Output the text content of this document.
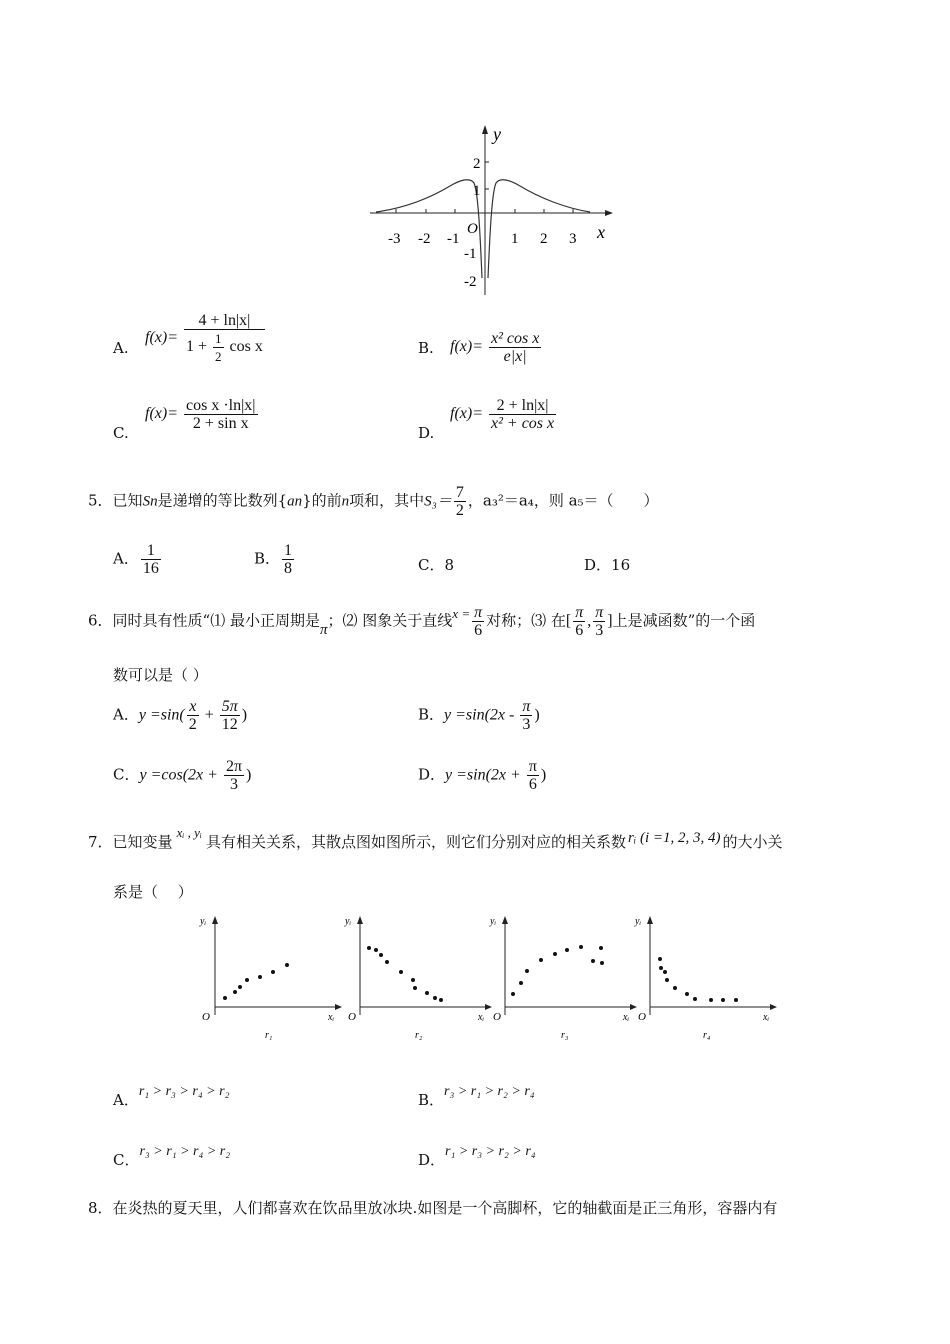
y
x
O
-3 -2 -1	1 2 3
2
1
-1
-2
A.
$f(x)= \frac{4 + \ln|x|}{1 + \frac{1}{2} \cos x}$	B. $f(x)= \frac{\text{x² cos x}}{e|x|}$
C.
$f(x)= \frac{\text{cos x ·ln|x|}}{\text{2 + sin x}}$
D.
$f(x)= \frac{2 + \ln|x|}{\text{x² + cos x}}$
5．已知Sn是递增的等比数列{an}的前n项和，其中$S_3= \frac{7}{2}$ ，a₃²＝a₄，则 a₅＝（　　）
A． $\frac{1}{16}$	B． $\frac{1}{8}$	C．8	D．16
6．同时具有性质“⑴ 最小正周期是π；⑵ 图象关于直线$x = \frac{\pi}{6}$ 对称；⑶ 在[ $\frac{\pi}{6}$ , $\frac{\pi}{3}$ ]上是减函数”的一个函
数可以是（ ）
A．$y =\sin( \frac{x}{2} + \frac{5\pi}{12}$ )	B．$y =\sin(2x - \frac{\pi}{3}$ )
C．$y =\cos(2x + \frac{2\pi}{3}$ )	D．$y =\sin(2x + \frac{\pi}{6}$ )
7．已知变量xᵢ , yᵢ具有相关关系，其散点图如图所示，则它们分别对应的相关系数 rᵢ (i =1, 2, 3, 4) 的大小关
系是（　 ）
yᵢ
xᵢ
O
r₁
yᵢ
xᵢ
O
r₂
yᵢ
xᵢ
O
r₃
yᵢ
xᵢ
O
r₄
A．r₁ > r₃ > r₄ > r₂	B．r₃ > r₁ > r₂ > r₄
C．r₃ > r₁ > r₄ > r₂	D．r₁ > r₃ > r₂ > r₄
8．在炎热的夏天里，人们都喜欢在饮品里放冰块.如图是一个高脚杯，它的轴截面是正三角形，容器内有
